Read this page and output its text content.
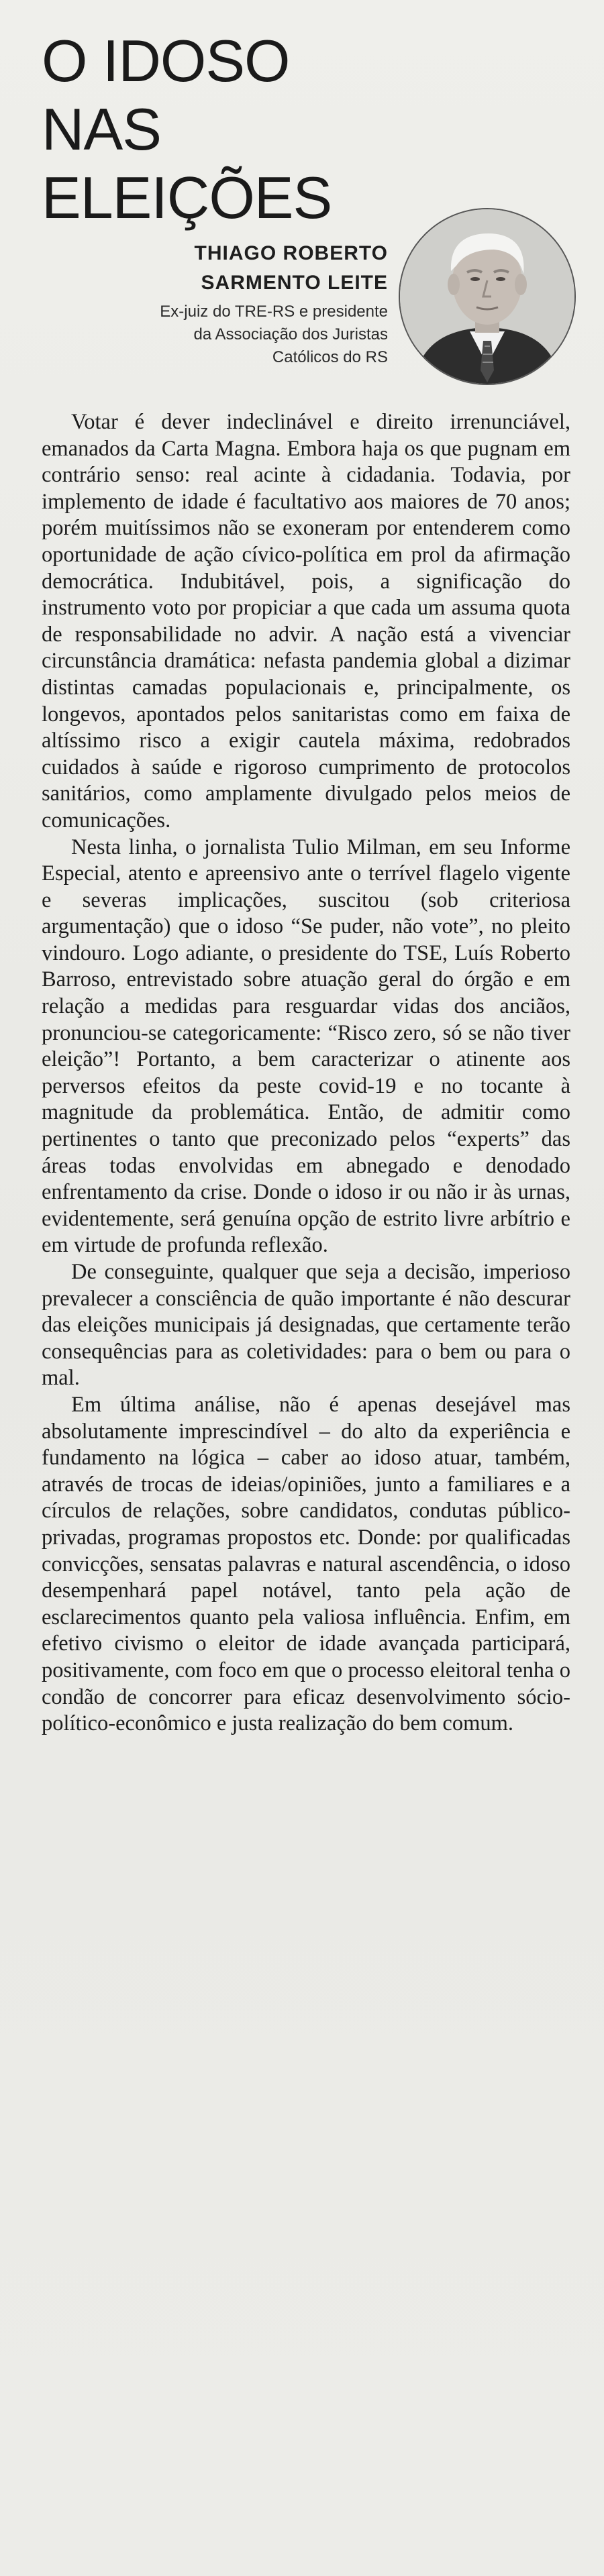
O IDOSO
NAS ELEIÇÕES
THIAGO ROBERTO
SARMENTO LEITE
Ex-juiz do TRE-RS e presidente
da Associação dos Juristas
Católicos do RS

Votar é dever indeclinável e direito irrenunciável, emanados da Carta Magna. Embora haja os que pugnam em contrário senso: real acinte à cidadania. Todavia, por implemento de idade é facultativo aos maiores de 70 anos; porém muitíssimos não se exoneram por entenderem como oportunidade de ação cívico-política em prol da afirmação democrática. Indubitável, pois, a significação do instrumento voto por propiciar a que cada um assuma quota de responsabilidade no advir. A nação está a vivenciar circunstância dramática: nefasta pandemia global a dizimar distintas camadas populacionais e, principalmente, os longevos, apontados pelos sanitaristas como em faixa de altíssimo risco a exigir cautela máxima, redobrados cuidados à saúde e rigoroso cumprimento de protocolos sanitários, como amplamente divulgado pelos meios de comunicações.

Nesta linha, o jornalista Tulio Milman, em seu Informe Especial, atento e apreensivo ante o terrível flagelo vigente e severas implicações, suscitou (sob criteriosa argumentação) que o idoso “Se puder, não vote”, no pleito vindouro. Logo adiante, o presidente do TSE, Luís Roberto Barroso, entrevistado sobre atuação geral do órgão e em relação a medidas para resguardar vidas dos anciãos, pronunciou-se categoricamente: “Risco zero, só se não tiver eleição”! Portanto, a bem caracterizar o atinente aos perversos efeitos da peste covid-19 e no tocante à magnitude da problemática. Então, de admitir como pertinentes o tanto que preconizado pelos “experts” das áreas todas envolvidas em abnegado e denodado enfrentamento da crise. Donde o idoso ir ou não ir às urnas, evidentemente, será genuína opção de estrito livre arbítrio e em virtude de profunda reflexão.

De conseguinte, qualquer que seja a decisão, imperioso prevalecer a consciência de quão importante é não descurar das eleições municipais já designadas, que certamente terão consequências para as coletividades: para o bem ou para o mal.

Em última análise, não é apenas desejável mas absolutamente imprescindível – do alto da experiência e fundamento na lógica – caber ao idoso atuar, também, através de trocas de ideias/opiniões, junto a familiares e a círculos de relações, sobre candidatos, condutas público-privadas, programas propostos etc. Donde: por qualificadas convicções, sensatas palavras e natural ascendência, o idoso desempenhará papel notável, tanto pela ação de esclarecimentos quanto pela valiosa influência. Enfim, em efetivo civismo o eleitor de idade avançada participará, positivamente, com foco em que o processo eleitoral tenha o condão de concorrer para eficaz desenvolvimento sócio-político-econômico e justa realização do bem comum.
